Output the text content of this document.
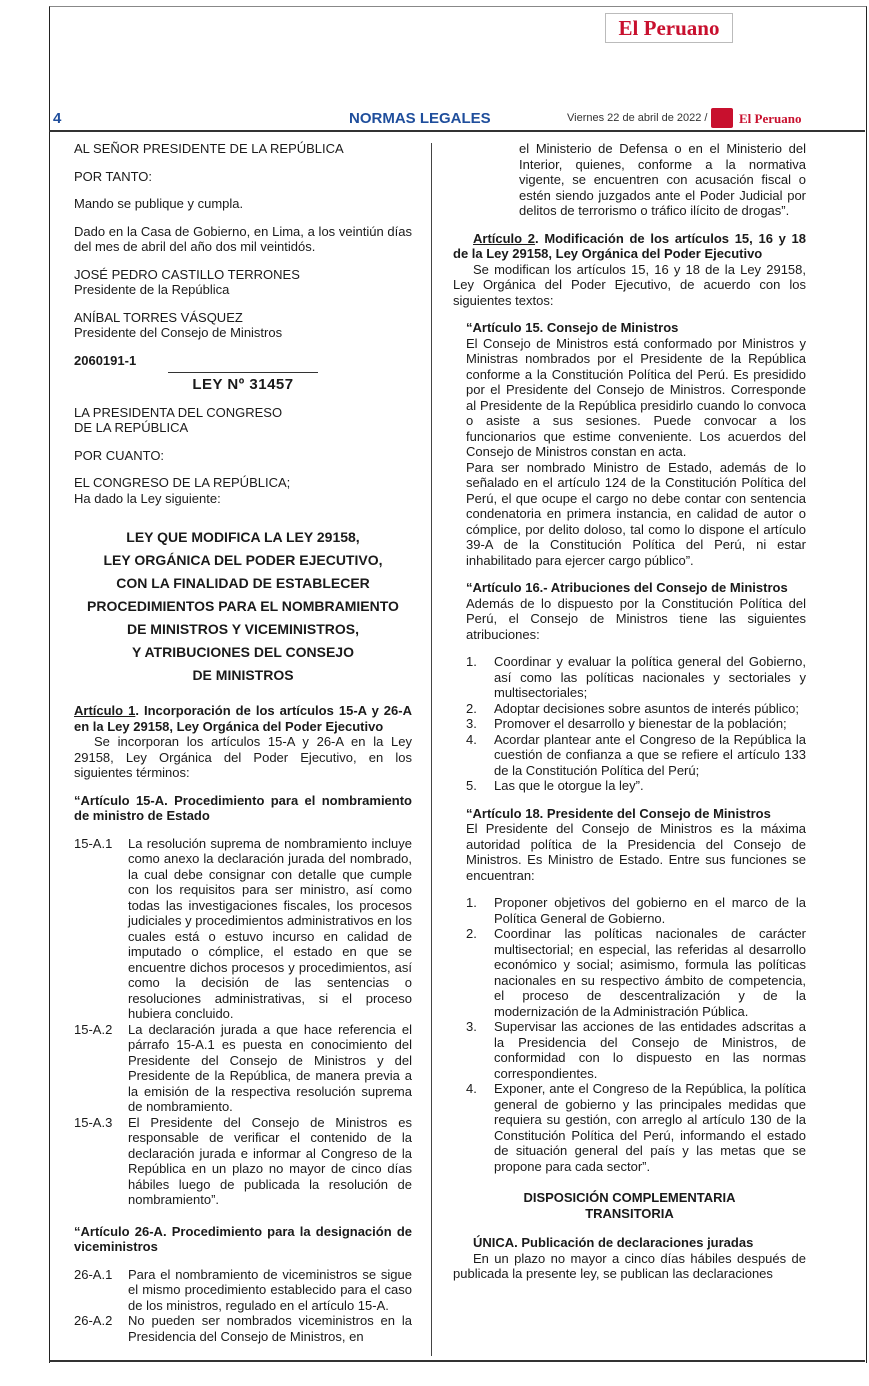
El Peruano
4	NORMAS LEGALES	Viernes 22 de abril de 2022 / El Peruano

AL SEÑOR PRESIDENTE DE LA REPÚBLICA

POR TANTO:

Mando se publique y cumpla.

Dado en la Casa de Gobierno, en Lima, a los veintiún días del mes de abril del año dos mil veintidós.

JOSÉ PEDRO CASTILLO TERRONES

Presidente de la República

ANÍBAL TORRES VÁSQUEZ

Presidente del Consejo de Ministros

2060191-1

LEY Nº 31457

LA PRESIDENTA DEL CONGRESO

DE LA REPÚBLICA

POR CUANTO:

EL CONGRESO DE LA REPÚBLICA;

Ha dado la Ley siguiente:

LEY QUE MODIFICA LA LEY 29158,
LEY ORGÁNICA DEL PODER EJECUTIVO,
CON LA FINALIDAD DE ESTABLECER
PROCEDIMIENTOS PARA EL NOMBRAMIENTO
DE MINISTROS Y VICEMINISTROS,
Y ATRIBUCIONES DEL CONSEJO
DE MINISTROS

Artículo 1. Incorporación de los artículos 15-A y 26-A en la Ley 29158, Ley Orgánica del Poder Ejecutivo

Se incorporan los artículos 15-A y 26-A en la Ley 29158, Ley Orgánica del Poder Ejecutivo, en los siguientes términos:

“Artículo 15-A. Procedimiento para el nombramiento de ministro de Estado

15-A.1	La resolución suprema de nombramiento incluye como anexo la declaración jurada del nombrado, la cual debe consignar con detalle que cumple con los requisitos para ser ministro, así como todas las investigaciones fiscales, los procesos judiciales y procedimientos administrativos en los cuales está o estuvo incurso en calidad de imputado o cómplice, el estado en que se encuentre dichos procesos y procedimientos, así como la decisión de las sentencias o resoluciones administrativas, si el proceso hubiera concluido.
15-A.2	La declaración jurada a que hace referencia el párrafo 15-A.1 es puesta en conocimiento del Presidente del Consejo de Ministros y del Presidente de la República, de manera previa a la emisión de la respectiva resolución suprema de nombramiento.
15-A.3	El Presidente del Consejo de Ministros es responsable de verificar el contenido de la declaración jurada e informar al Congreso de la República en un plazo no mayor de cinco días hábiles luego de publicada la resolución de nombramiento”.

“Artículo 26-A. Procedimiento para la designación de viceministros

26-A.1	Para el nombramiento de viceministros se sigue el mismo procedimiento establecido para el caso de los ministros, regulado en el artículo 15-A.
26-A.2	No pueden ser nombrados viceministros en la Presidencia del Consejo de Ministros, en

el Ministerio de Defensa o en el Ministerio del Interior, quienes, conforme a la normativa vigente, se encuentren con acusación fiscal o estén siendo juzgados ante el Poder Judicial por delitos de terrorismo o tráfico ilícito de drogas”.

Artículo 2. Modificación de los artículos 15, 16 y 18 de la Ley 29158, Ley Orgánica del Poder Ejecutivo

Se modifican los artículos 15, 16 y 18 de la Ley 29158, Ley Orgánica del Poder Ejecutivo, de acuerdo con los siguientes textos:

“Artículo 15. Consejo de Ministros

El Consejo de Ministros está conformado por Ministros y Ministras nombrados por el Presidente de la República conforme a la Constitución Política del Perú. Es presidido por el Presidente del Consejo de Ministros. Corresponde al Presidente de la República presidirlo cuando lo convoca o asiste a sus sesiones. Puede convocar a los funcionarios que estime conveniente. Los acuerdos del Consejo de Ministros constan en acta.

Para ser nombrado Ministro de Estado, además de lo señalado en el artículo 124 de la Constitución Política del Perú, el que ocupe el cargo no debe contar con sentencia condenatoria en primera instancia, en calidad de autor o cómplice, por delito doloso, tal como lo dispone el artículo 39-A de la Constitución Política del Perú, ni estar inhabilitado para ejercer cargo público”.

“Artículo 16.- Atribuciones del Consejo de Ministros

Además de lo dispuesto por la Constitución Política del Perú, el Consejo de Ministros tiene las siguientes atribuciones:

1.	Coordinar y evaluar la política general del Gobierno, así como las políticas nacionales y sectoriales y multisectoriales;
2.	Adoptar decisiones sobre asuntos de interés público;
3.	Promover el desarrollo y bienestar de la población;
4.	Acordar plantear ante el Congreso de la República la cuestión de confianza a que se refiere el artículo 133 de la Constitución Política del Perú;
5.	Las que le otorgue la ley”.

“Artículo 18. Presidente del Consejo de Ministros

El Presidente del Consejo de Ministros es la máxima autoridad política de la Presidencia del Consejo de Ministros. Es Ministro de Estado. Entre sus funciones se encuentran:

1.	Proponer objetivos del gobierno en el marco de la Política General de Gobierno.
2.	Coordinar las políticas nacionales de carácter multisectorial; en especial, las referidas al desarrollo económico y social; asimismo, formula las políticas nacionales en su respectivo ámbito de competencia, el proceso de descentralización y de la modernización de la Administración Pública.
3.	Supervisar las acciones de las entidades adscritas a la Presidencia del Consejo de Ministros, de conformidad con lo dispuesto en las normas correspondientes.
4.	Exponer, ante el Congreso de la República, la política general de gobierno y las principales medidas que requiera su gestión, con arreglo al artículo 130 de la Constitución Política del Perú, informando el estado de situación general del país y las metas que se propone para cada sector”.

DISPOSICIÓN COMPLEMENTARIA

TRANSITORIA

ÚNICA. Publicación de declaraciones juradas

En un plazo no mayor a cinco días hábiles después de publicada la presente ley, se publican las declaraciones
